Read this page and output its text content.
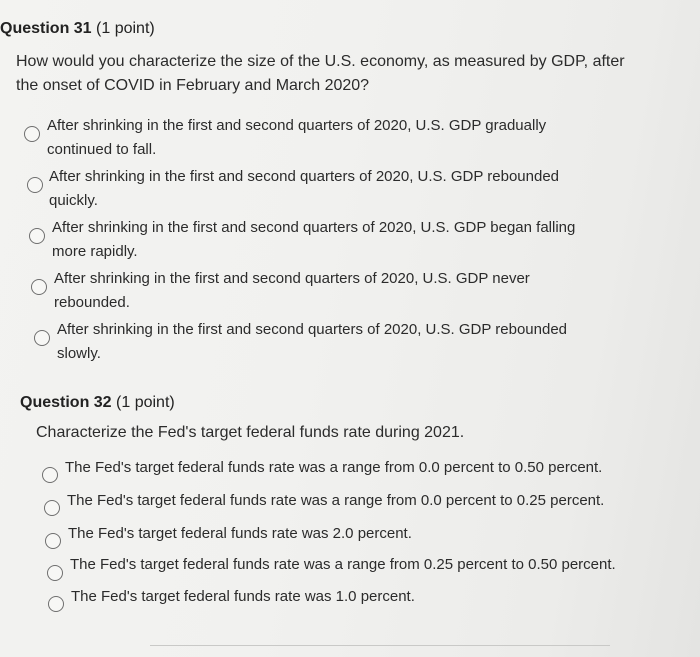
Question 31 (1 point)
How would you characterize the size of the U.S. economy, as measured by GDP, after the onset of COVID in February and March 2020?
After shrinking in the first and second quarters of 2020, U.S. GDP gradually continued to fall.
After shrinking in the first and second quarters of 2020, U.S. GDP rebounded quickly.
After shrinking in the first and second quarters of 2020, U.S. GDP began falling more rapidly.
After shrinking in the first and second quarters of 2020, U.S. GDP never rebounded.
After shrinking in the first and second quarters of 2020, U.S. GDP rebounded slowly.
Question 32 (1 point)
Characterize the Fed's target federal funds rate during 2021.
The Fed's target federal funds rate was a range from 0.0 percent to 0.50 percent.
The Fed's target federal funds rate was a range from 0.0 percent to 0.25 percent.
The Fed's target federal funds rate was 2.0 percent.
The Fed's target federal funds rate was a range from 0.25 percent to 0.50 percent.
The Fed's target federal funds rate was 1.0 percent.
